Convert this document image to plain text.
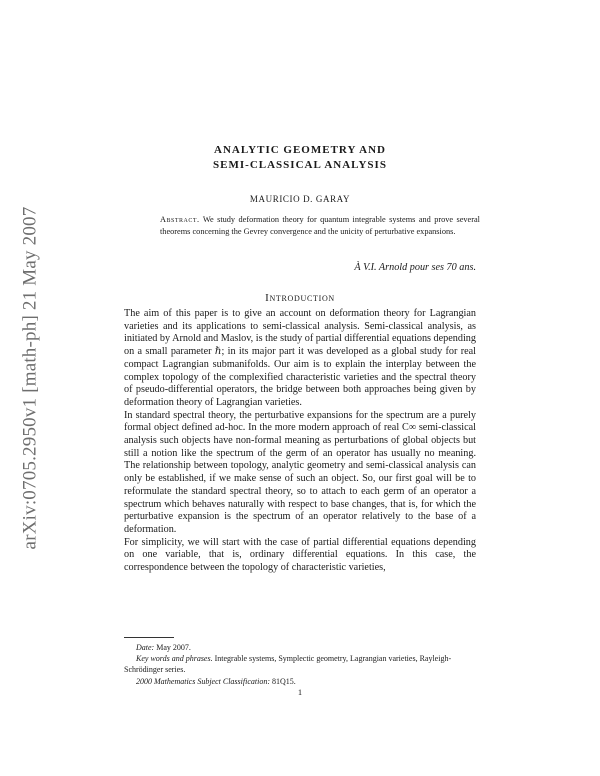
arXiv:0705.2950v1 [math-ph] 21 May 2007
ANALYTIC GEOMETRY AND
SEMI-CLASSICAL ANALYSIS
MAURICIO D. GARAY
Abstract. We study deformation theory for quantum integrable systems and prove several theorems concerning the Gevrey convergence and the unicity of perturbative expansions.
À V.I. Arnold pour ses 70 ans.
Introduction

The aim of this paper is to give an account on deformation theory for Lagrangian varieties and its applications to semi-classical analysis. Semi-classical analysis, as initiated by Arnold and Maslov, is the study of partial differential equations depending on a small parameter ℏ; in its major part it was developed as a global study for real compact Lagrangian submanifolds. Our aim is to explain the interplay between the complex topology of the complexified characteristic varieties and the spectral theory of pseudo-differential operators, the bridge between both approaches being given by deformation theory of Lagrangian varieties.

In standard spectral theory, the perturbative expansions for the spectrum are a purely formal object defined ad-hoc. In the more modern approach of real C∞ semi-classical analysis such objects have non-formal meaning as perturbations of global objects but still a notion like the spectrum of the germ of an operator has usually no meaning. The relationship between topology, analytic geometry and semi-classical analysis can only be established, if we make sense of such an object. So, our first goal will be to reformulate the standard spectral theory, so to attach to each germ of an operator a spectrum which behaves naturally with respect to base changes, that is, for which the perturbative expansion is the spectrum of an operator relatively to the base of a deformation.

For simplicity, we will start with the case of partial differential equations depending on one variable, that is, ordinary differential equations. In this case, the correspondence between the topology of characteristic varieties,

Date: May 2007.

Key words and phrases. Integrable systems, Symplectic geometry, Lagrangian varieties, Rayleigh-Schrödinger series.

2000 Mathematics Subject Classification: 81Q15.

1
